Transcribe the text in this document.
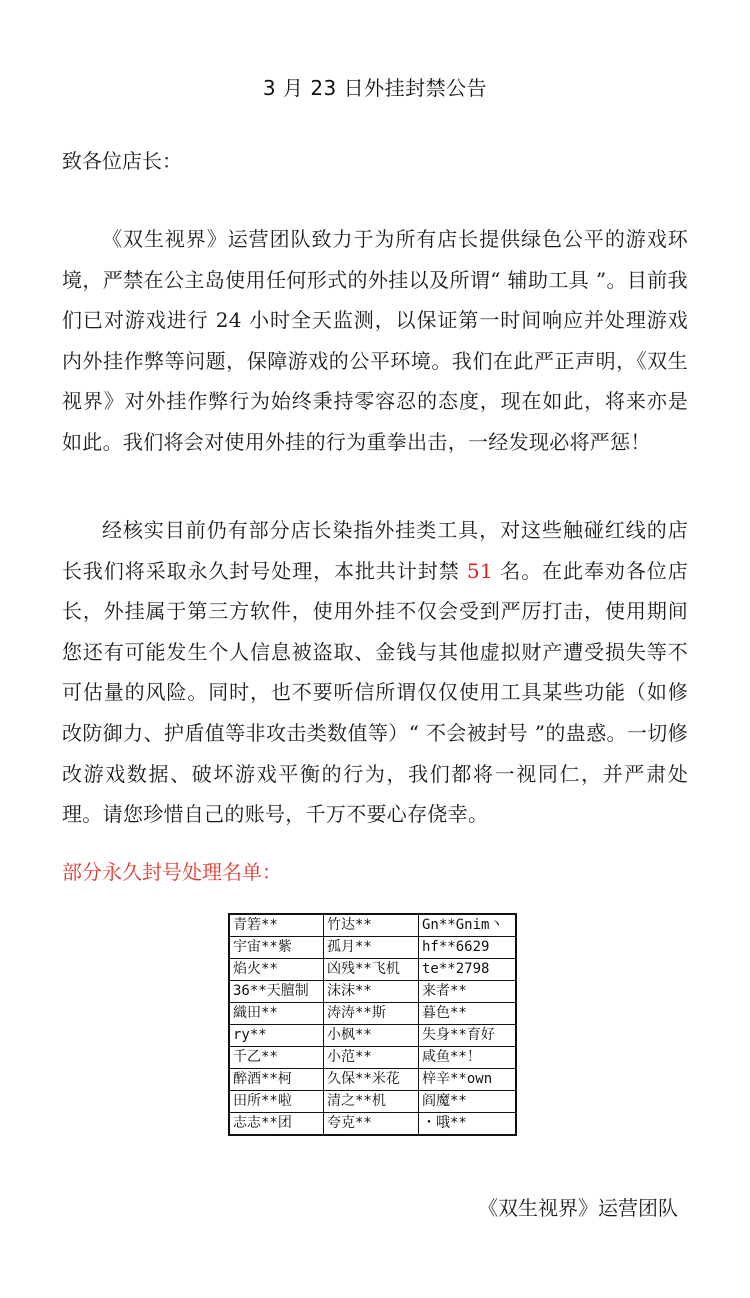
3 月 23 日外挂封禁公告
致各位店长：
《双生视界》运营团队致力于为所有店长提供绿色公平的游戏环境，严禁在公主岛使用任何形式的外挂以及所谓“ 辅助工具 ”。目前我们已对游戏进行 24 小时全天监测，以保证第一时间响应并处理游戏内外挂作弊等问题，保障游戏的公平环境。我们在此严正声明，《双生视界》对外挂作弊行为始终秉持零容忍的态度，现在如此，将来亦是如此。我们将会对使用外挂的行为重拳出击，一经发现必将严惩！
经核实目前仍有部分店长染指外挂类工具，对这些触碰红线的店长我们将采取永久封号处理，本批共计封禁 51 名。在此奉劝各位店长，外挂属于第三方软件，使用外挂不仅会受到严厉打击，使用期间您还有可能发生个人信息被盗取、金钱与其他虚拟财产遭受损失等不可估量的风险。同时，也不要听信所谓仅仅使用工具某些功能（如修改防御力、护盾值等非攻击类数值等）“ 不会被封号 ”的蛊惑。一切修改游戏数据、破坏游戏平衡的行为，我们都将一视同仁，并严肃处理。请您珍惜自己的账号，千万不要心存侥幸。
部分永久封号处理名单：
青箬**	竹达**	Gn**Gnim丶
宇宙**紫	孤月**	hf**6629
焰火**	凶残**飞机	te**2798
36**天膻制	沫沫**	来者**
織田**	涛涛**斯	暮色**
ry**	小枫**	失身**育好
千乙**	小范**	咸鱼**！
醉酒**柯	久保**米花	梓辛**own
田所**啦	清之**机	阎魔**
志志**团	夸克**	・哦**
《双生视界》运营团队
